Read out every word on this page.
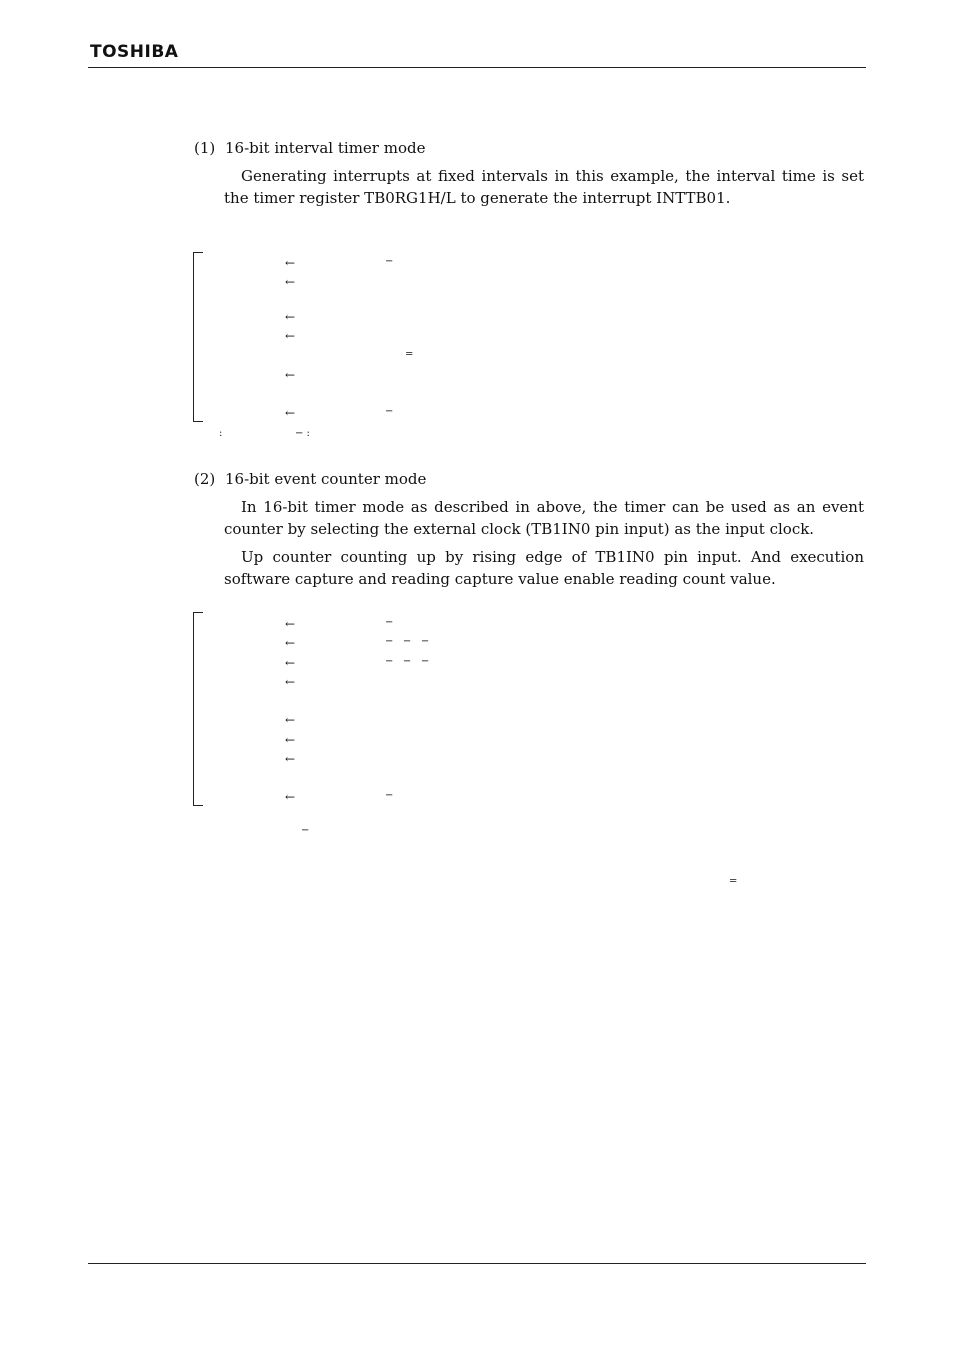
TOSHIBA
(1) 16-bit interval timer mode
Generating interrupts at fixed intervals in this example, the interval time is set the timer register TB0RG1H/L to generate the interrupt INTTB01.
←	−
←
←
←
=
←
←	−
:	− :
(2) 16-bit event counter mode
In 16-bit timer mode as described in above, the timer can be used as an event counter by selecting the external clock (TB1IN0 pin input) as the input clock.
Up counter counting up by rising edge of TB1IN0 pin input. And execution software capture and reading capture value enable reading count value.
←	−
←	−   −   −
←	−   −   −
←
←
←
←
←	−
−
=
